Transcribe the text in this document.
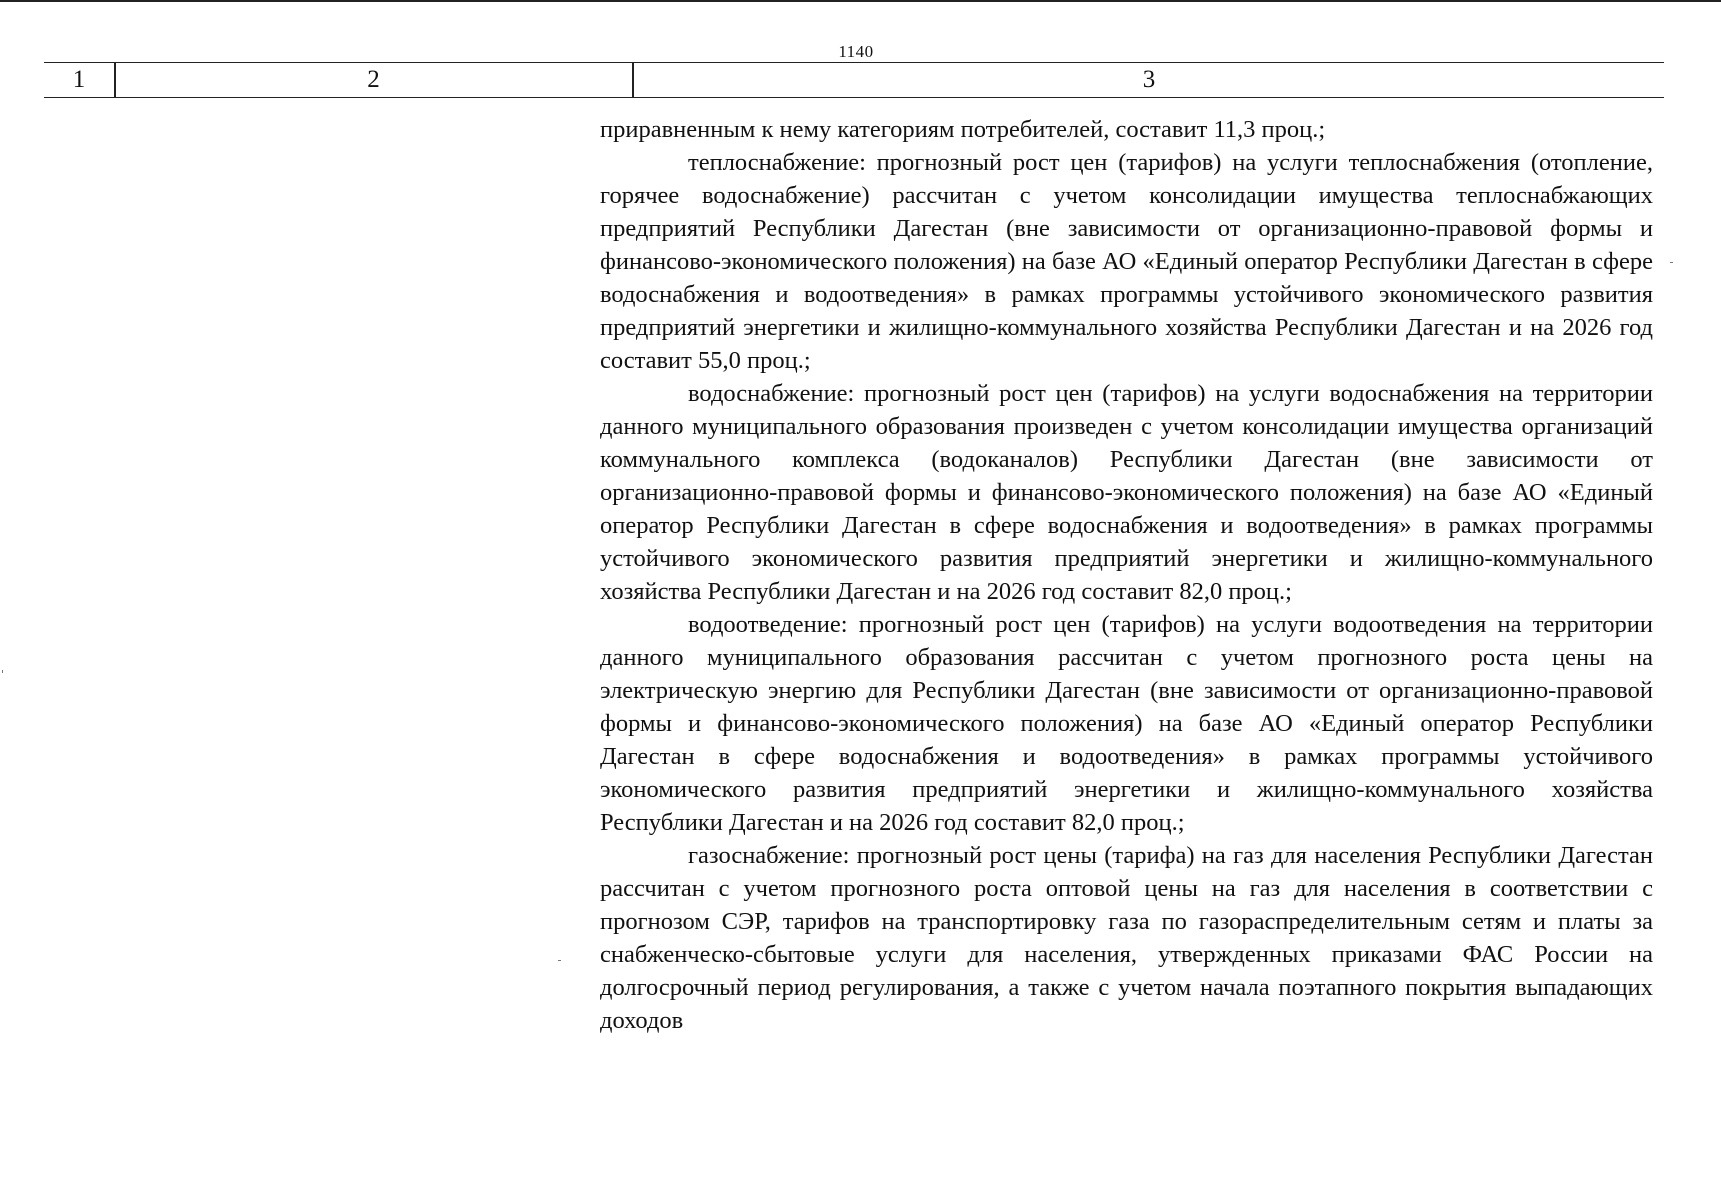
1140
1	2	3

приравненным к нему категориям потребителей, составит 11,3 проц.;

теплоснабжение: прогнозный рост цен (тарифов) на услуги теплоснабжения (отопление, горячее водоснабжение) рассчитан с учетом консолидации имущества теплоснабжающих предприятий Республики Дагестан (вне зависимости от организационно-правовой формы и финансово-экономического положения) на базе АО «Единый оператор Республики Дагестан в сфере водоснабжения и водоотведения» в рамках программы устойчивого экономического развития предприятий энергетики и жилищно-коммунального хозяйства Республики Дагестан и на 2026 год составит 55,0 проц.;

водоснабжение: прогнозный рост цен (тарифов) на услуги водоснабжения на территории данного муниципального образования произведен с учетом консолидации имущества организаций коммунального комплекса (водоканалов) Республики Дагестан (вне зависимости от организационно-правовой формы и финансово-экономического положения) на базе АО «Единый оператор Республики Дагестан в сфере водоснабжения и водоотведения» в рамках программы устойчивого экономического развития предприятий энергетики и жилищно-коммунального хозяйства Республики Дагестан и на 2026 год составит 82,0 проц.;

водоотведение: прогнозный рост цен (тарифов) на услуги водоотведения на территории данного муниципального образования рассчитан с учетом прогнозного роста цены на электрическую энергию для Республики Дагестан (вне зависимости от организационно-правовой формы и финансово-экономического положения) на базе АО «Единый оператор Республики Дагестан в сфере водоснабжения и водоотведения» в рамках программы устойчивого экономического развития предприятий энергетики и жилищно-коммунального хозяйства Республики Дагестан и на 2026 год составит 82,0 проц.;

газоснабжение: прогнозный рост цены (тарифа) на газ для населения Республики Дагестан рассчитан с учетом прогнозного роста оптовой цены на газ для населения в соответствии с прогнозом СЭР, тарифов на транспортировку газа по газораспределительным сетям и платы за снабженческо-сбытовые услуги для населения, утвержденных приказами ФАС России на долгосрочный период регулирования, а также с учетом начала поэтапного покрытия выпадающих доходов
